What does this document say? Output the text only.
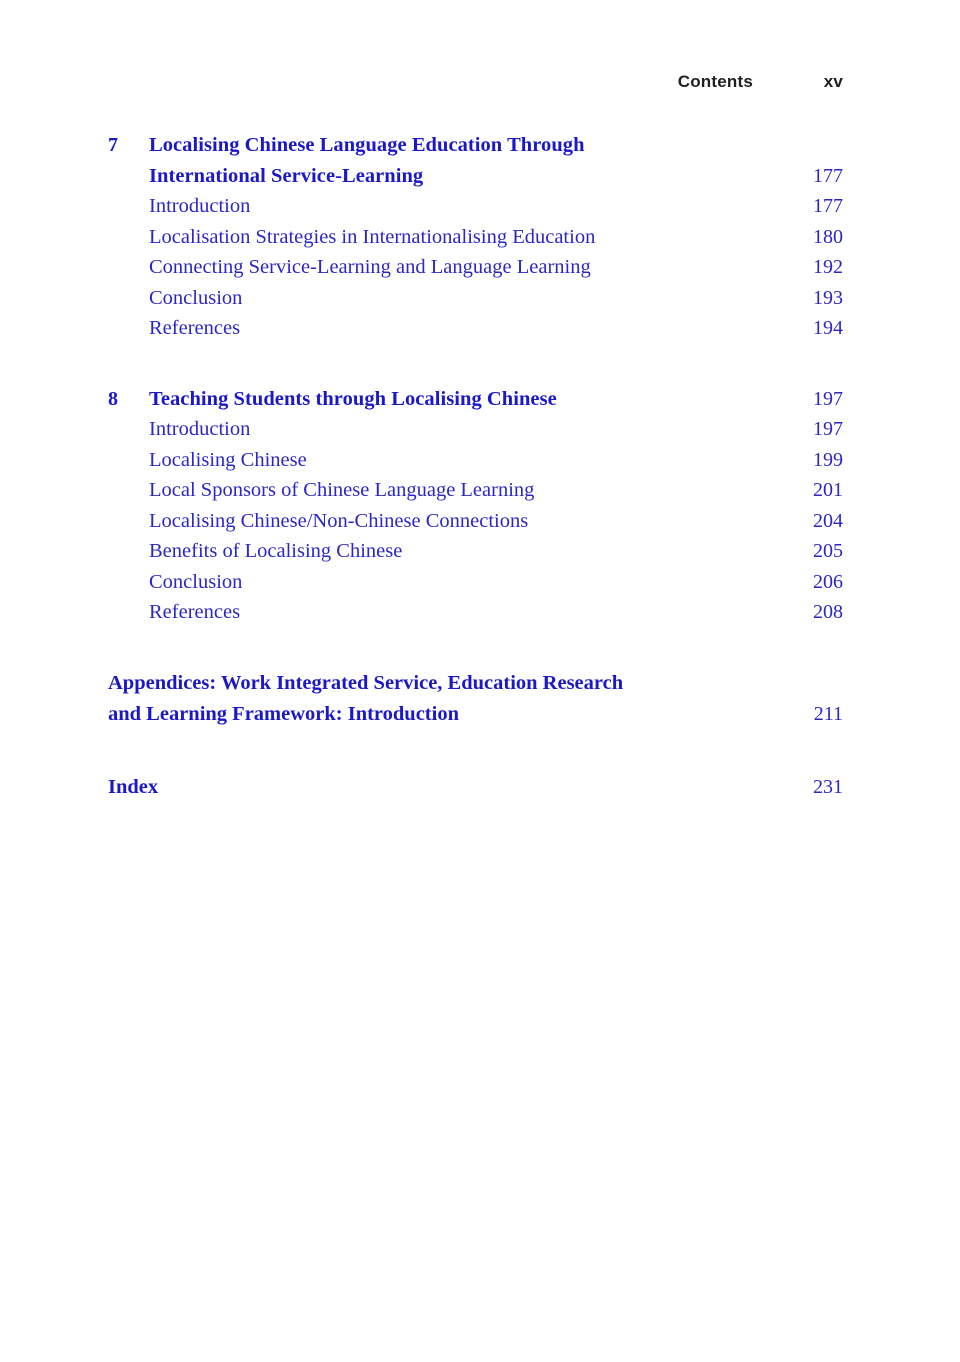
Contents	xv
7	Localising Chinese Language Education Through
International Service-Learning	177
Introduction	177
Localisation Strategies in Internationalising Education	180
Connecting Service-Learning and Language Learning	192
Conclusion	193
References	194
8	Teaching Students through Localising Chinese	197
Introduction	197
Localising Chinese	199
Local Sponsors of Chinese Language Learning	201
Localising Chinese/Non-Chinese Connections	204
Benefits of Localising Chinese	205
Conclusion	206
References	208
Appendices: Work Integrated Service, Education Research
and Learning Framework: Introduction	211
Index	231
